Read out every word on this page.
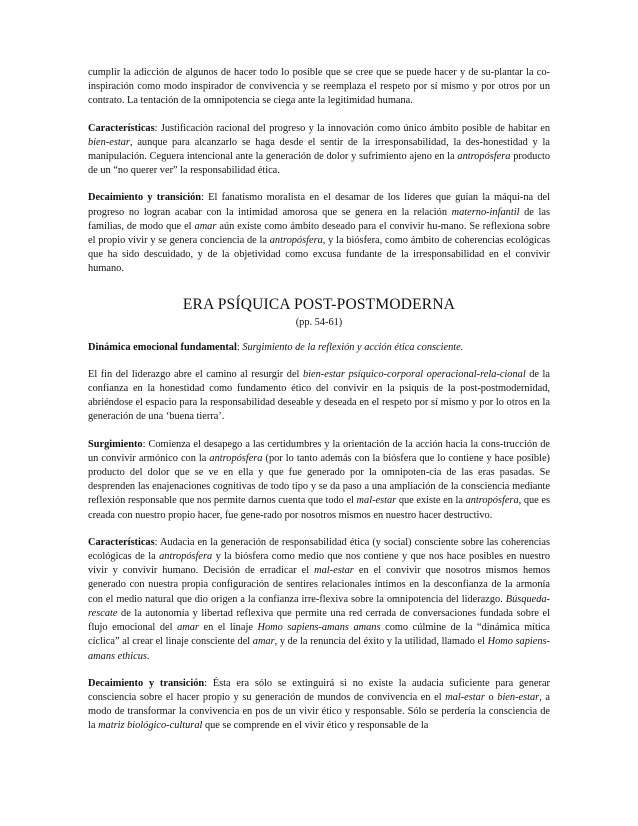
cumplir la adicción de algunos de hacer todo lo posible que se cree que se puede hacer y de su-plantar la co-inspiración como modo inspirador de convivencia y se reemplaza el respeto por sí mismo y por otros por un contrato. La tentación de la omnipotencia se ciega ante la legitimidad humana.

Características: Justificación racional del progreso y la innovación como único ámbito posible de habitar en bien-estar, aunque para alcanzarlo se haga desde el sentir de la irresponsabilidad, la des-honestidad y la manipulación. Ceguera intencional ante la generación de dolor y sufrimiento ajeno en la antropósfera producto de un “no querer ver” la responsabilidad ética.

Decaimiento y transición: El fanatismo moralista en el desamar de los líderes que guían la máqui-na del progreso no logran acabar con la intimidad amorosa que se genera en la relación materno-infantil de las familias, de modo que el amar aún existe como ámbito deseado para el convivir hu-mano. Se reflexiona sobre el propio vivir y se genera conciencia de la antropósfera, y la biósfera, como ámbito de coherencias ecológicas que ha sido descuidado, y de la objetividad como excusa fundante de la irresponsabilidad en el convivir humano.

ERA PSÍQUICA POST-POSTMODERNA
(pp. 54-61)

Dinámica emocional fundamental: Surgimiento de la reflexión y acción ética consciente.

El fin del liderazgo abre el camino al resurgir del bien-estar psíquico-corporal operacional-rela-cional de la confianza en la honestidad como fundamento ético del convivir en la psiquis de la post-postmodernidad, abriéndose el espacio para la responsabilidad deseable y deseada en el respeto por sí mismo y por lo otros en la generación de una ‘buena tierra’.

Surgimiento: Comienza el desapego a las certidumbres y la orientación de la acción hacia la cons-trucción de un convivir armónico con la antropósfera (por lo tanto además con la biósfera que lo contiene y hace posible) producto del dolor que se ve en ella y que fue generado por la omnipoten-cia de las eras pasadas. Se desprenden las enajenaciones cognitivas de todo tipo y se da paso a una ampliación de la consciencia mediante reflexión responsable que nos permite darnos cuenta que todo el mal-estar que existe en la antropósfera, que es creada con nuestro propio hacer, fue gene-rado por nosotros mismos en nuestro hacer destructivo.

Características: Audacia en la generación de responsabilidad ética (y social) consciente sobre las coherencias ecológicas de la antropósfera y la biósfera como medio que nos contiene y que nos hace posibles en nuestro vivir y convivir humano. Decisión de erradicar el mal-estar en el convivir que nosotros mismos hemos generado con nuestra propia configuración de sentires relacionales íntimos en la desconfianza de la armonía con el medio natural que dio origen a la confianza irre-flexiva sobre la omnipotencia del liderazgo. Búsqueda-rescate de la autonomía y libertad reflexiva que permite una red cerrada de conversaciones fundada sobre el flujo emocional del amar en el linaje Homo sapiens-amans amans como cúlmine de la “dinámica mítica cíclica” al crear el linaje consciente del amar, y de la renuncia del éxito y la utilidad, llamado el Homo sapiens-amans ethicus.

Decaimiento y transición: Ésta era sólo se extinguirá si no existe la audacia suficiente para generar consciencia sobre el hacer propio y su generación de mundos de convivencia en el mal-estar o bien-estar, a modo de transformar la convivencia en pos de un vivir ético y responsable. Sólo se perdería la consciencia de la matriz biológico-cultural que se comprende en el vivir ético y responsable de la
